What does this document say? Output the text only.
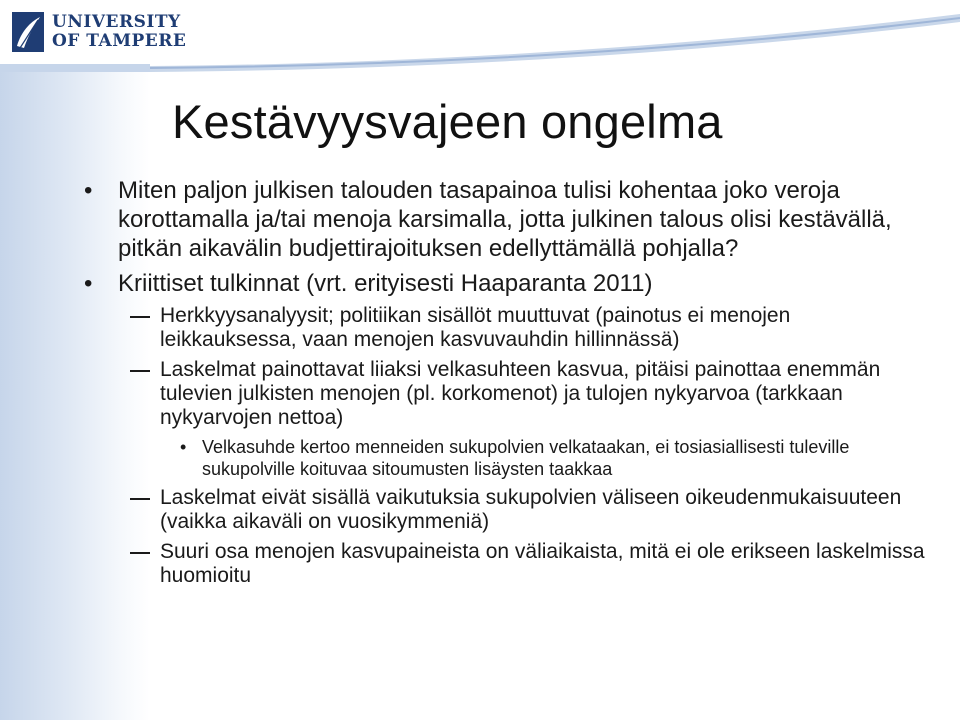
UNIVERSITY
OF TAMPERE
Kestävyysvajeen ongelma

• Miten paljon julkisen talouden tasapainoa tulisi kohentaa joko veroja korottamalla ja/tai menoja karsimalla, jotta julkinen talous olisi kestävällä, pitkän aikavälin budjettirajoituksen edellyttämällä pohjalla?

• Kriittiset tulkinnat (vrt. erityisesti Haaparanta 2011)

Herkkyysanalyysit; politiikan sisällöt muuttuvat (painotus ei menojen leikkauksessa, vaan menojen kasvuvauhdin hillinnässä)

Laskelmat painottavat liiaksi velkasuhteen kasvua, pitäisi painottaa enemmän tulevien julkisten menojen (pl. korkomenot) ja tulojen nykyarvoa (tarkkaan nykyarvojen nettoa)

• Velkasuhde kertoo menneiden sukupolvien velkataakan, ei tosiasiallisesti tuleville sukupolville koituvaa sitoumusten lisäysten taakkaa

Laskelmat eivät sisällä vaikutuksia sukupolvien väliseen oikeudenmukaisuuteen (vaikka aikaväli on vuosikymmeniä)

Suuri osa menojen kasvupaineista on väliaikaista, mitä ei ole erikseen laskelmissa huomioitu
